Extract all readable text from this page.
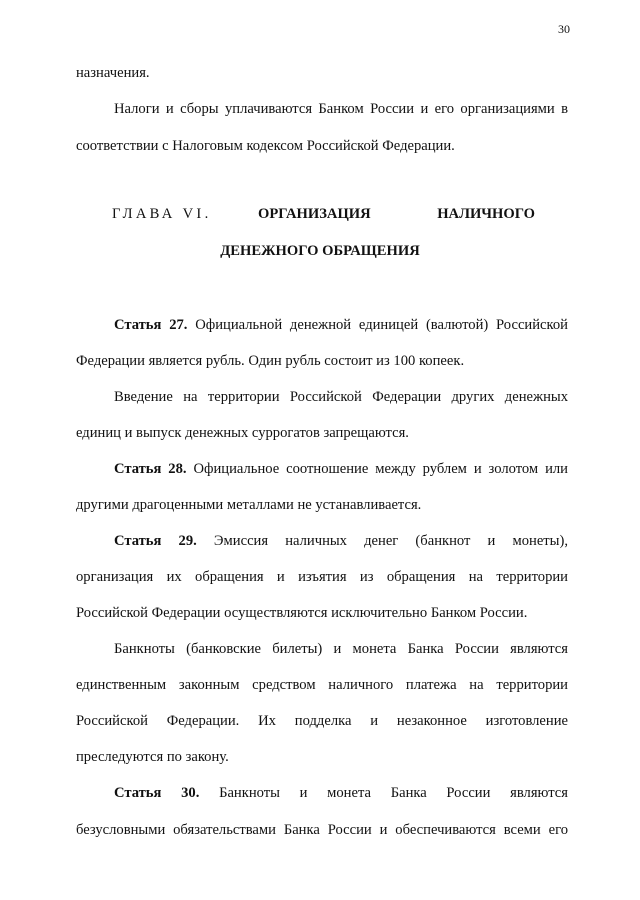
30
назначения.
Налоги и сборы уплачиваются Банком России и его организациями в
соответствии с Налоговым кодексом Российской Федерации.
ГЛАВА VI.	ОРГАНИЗАЦИЯ	НАЛИЧНОГО
ДЕНЕЖНОГО ОБРАЩЕНИЯ
Статья 27. Официальной денежной единицей (валютой) Российской
Федерации является рубль. Один рубль состоит из 100 копеек.
Введение на территории Российской Федерации других денежных
единиц и выпуск денежных суррогатов запрещаются.
Статья 28. Официальное соотношение между рублем и золотом или
другими драгоценными металлами не устанавливается.
Статья 29. Эмиссия наличных денег (банкнот и монеты),
организация их обращения и изъятия из обращения на территории
Российской Федерации осуществляются исключительно Банком России.
Банкноты (банковские билеты) и монета Банка России являются
единственным законным средством наличного платежа на территории
Российской Федерации. Их подделка и незаконное изготовление
преследуются по закону.
Статья 30. Банкноты и монета Банка России являются
безусловными обязательствами Банка России и обеспечиваются всеми его
